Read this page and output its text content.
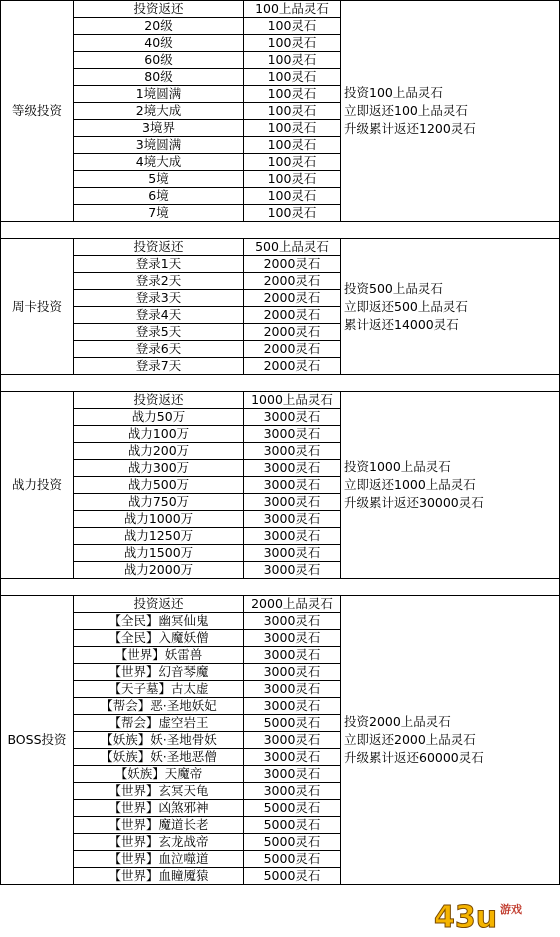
等级投资	投资返还	100上品灵石	投资100上品灵石
立即返还100上品灵石
升级累计返还1200灵石

	20级	100灵石	
	40级	100灵石	
	60级	100灵石	
	80级	100灵石	
	1境圆满	100灵石	
	2境大成	100灵石	
	3境界	100灵石	
	3境圆满	100灵石	
	4境大成	100灵石	
	5境	100灵石	
	6境	100灵石	
	7境	100灵石	

周卡投资	投资返还	500上品灵石	投资500上品灵石
立即返还500上品灵石
累计返还14000灵石

	登录1天	2000灵石	
	登录2天	2000灵石	
	登录3天	2000灵石	
	登录4天	2000灵石	
	登录5天	2000灵石	
	登录6天	2000灵石	
	登录7天	2000灵石	

战力投资	投资返还	1000上品灵石	投资1000上品灵石
立即返还1000上品灵石
升级累计返还30000灵石

	战力50万	3000灵石	
	战力100万	3000灵石	
	战力200万	3000灵石	
	战力300万	3000灵石	
	战力500万	3000灵石	
	战力750万	3000灵石	
	战力1000万	3000灵石	
	战力1250万	3000灵石	
	战力1500万	3000灵石	
	战力2000万	3000灵石	

BOSS投资	投资返还	2000上品灵石	投资2000上品灵石
立即返还2000上品灵石
升级累计返还60000灵石

	【全民】幽冥仙鬼	3000灵石	
	【全民】入魔妖僧	3000灵石	
	【世界】妖雷兽	3000灵石	
	【世界】幻音琴魔	3000灵石	
	【天子墓】古太虚	3000灵石	
	【帮会】恶·圣地妖妃	3000灵石	
	【帮会】虚空岩王	5000灵石	
	【妖族】妖·圣地骨妖	3000灵石	
	【妖族】妖·圣地恶僧	3000灵石	
	【妖族】天魔帝	3000灵石	
	【世界】玄冥天龟	3000灵石	
	【世界】凶煞邪神	5000灵石	
	【世界】魔道长老	5000灵石	
	【世界】玄龙战帝	5000灵石	
	【世界】血泣噬道	5000灵石	
	【世界】血瞳魇猿	5000灵石	
43u 游戏
